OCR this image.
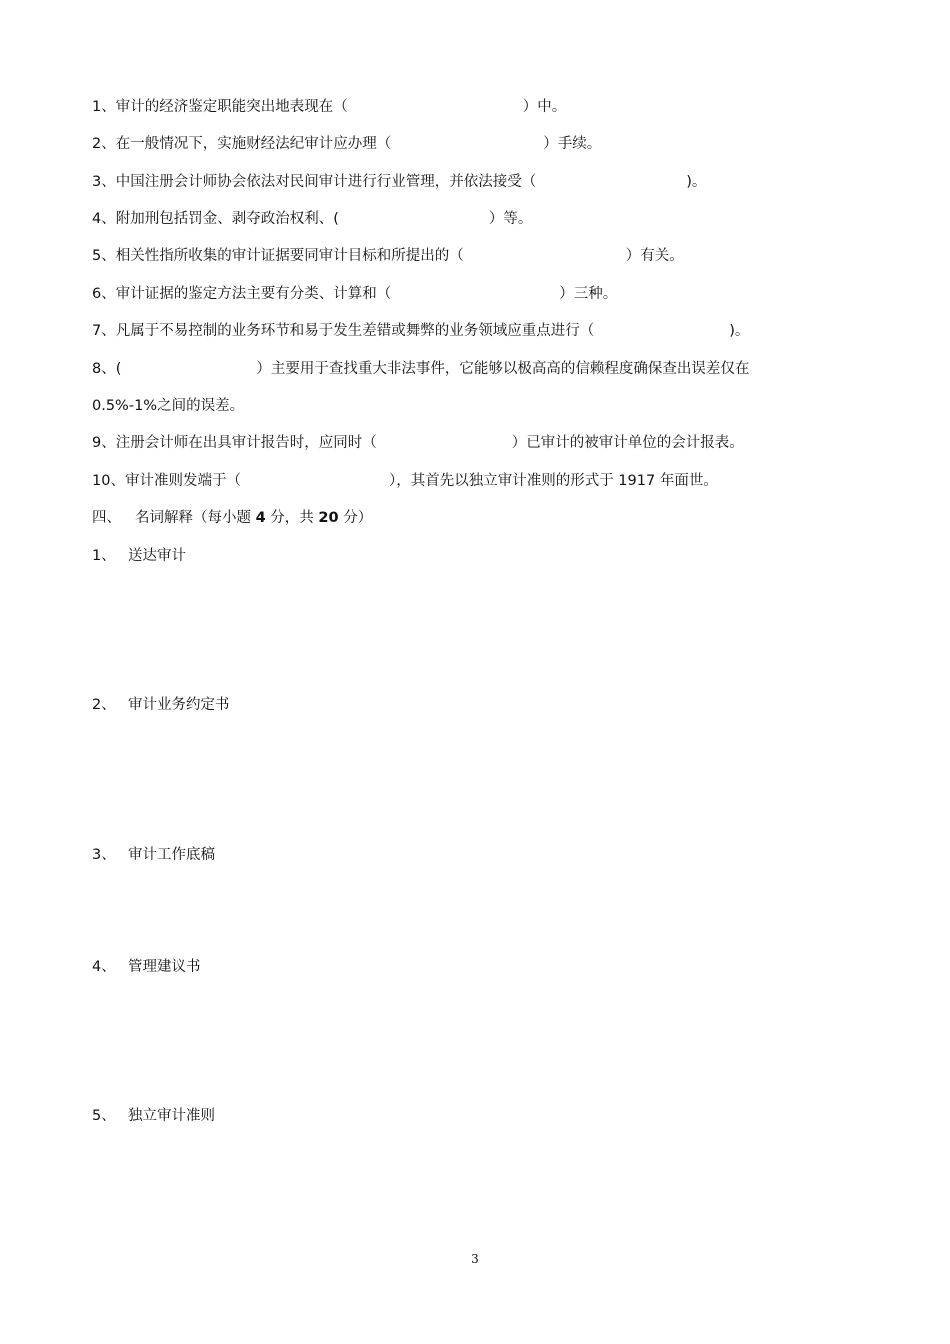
1、审计的经济鉴定职能突出地表现在（	）中。
2、在一般情况下，实施财经法纪审计应办理（	）手续。
3、中国注册会计师协会依法对民间审计进行行业管理，并依法接受（	)。
4、附加刑包括罚金、剥夺政治权利、(	）等。
5、相关性指所收集的审计证据要同审计目标和所提出的（	）有关。
6、审计证据的鉴定方法主要有分类、计算和（	）三种。
7、凡属于不易控制的业务环节和易于发生差错或舞弊的业务领域应重点进行（	)。
8、(	）主要用于查找重大非法事件，它能够以极高高的信赖程度确保查出误差仅在
0.5%-1%之间的误差。
9、注册会计师在出具审计报告时，应同时（	）已审计的被审计单位的会计报表。
10、审计准则发端于（	），其首先以独立审计准则的形式于 1917 年面世。
四、 名词解释（每小题 4 分，共 20 分）
1、 送达审计
2、 审计业务约定书
3、 审计工作底稿
4、 管理建议书
5、 独立审计准则
3
